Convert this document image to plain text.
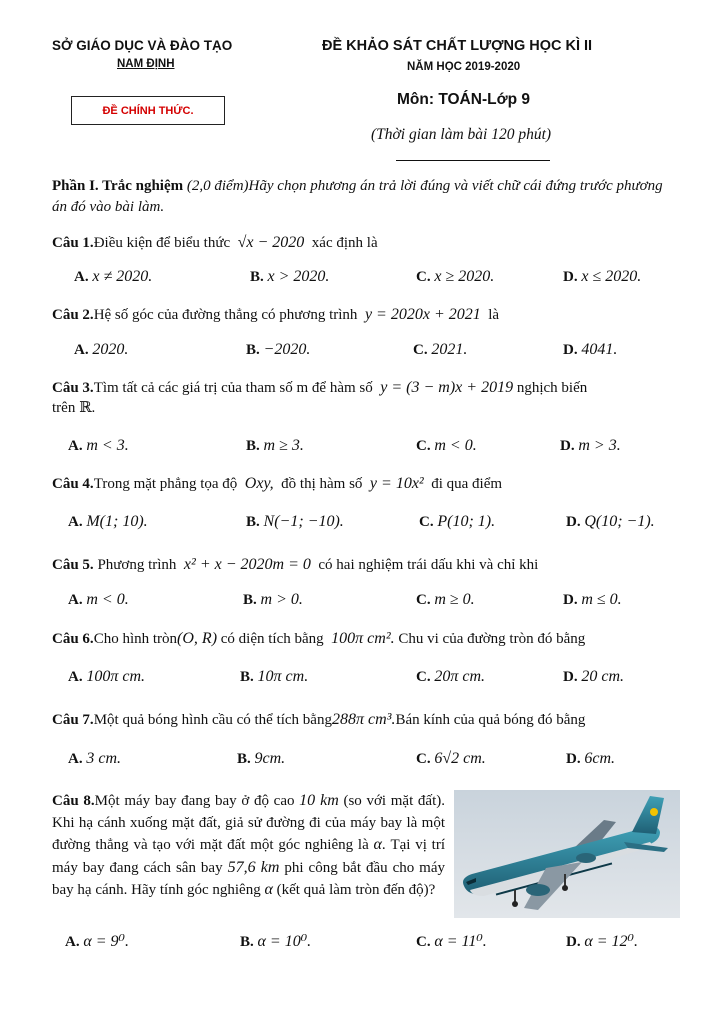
SỞ GIÁO DỤC VÀ ĐÀO TẠO
NAM ĐỊNH
ĐỀ KHẢO SÁT CHẤT LƯỢNG HỌC KÌ II
NĂM HỌC 2019-2020
ĐỀ CHÍNH THỨC.
Môn: TOÁN-Lớp 9
(Thời gian làm bài 120 phút)
Phần I. Trắc nghiệm (2,0 điểm)Hãy chọn phương án trả lời đúng và viết chữ cái đứng trước phương án đó vào bài làm.
Câu 1.Điều kiện để biểu thức √x − 2020 xác định là
A. x ≠ 2020.	B. x > 2020.	C. x ≥ 2020.	D. x ≤ 2020.
Câu 2.Hệ số góc của đường thẳng có phương trình y = 2020x + 2021 là
A. 2020.	B. −2020.	C. 2021.	D. 4041.
Câu 3.Tìm tất cả các giá trị của tham số m để hàm số y = (3 − m)x + 2019 nghịch biến
trên ℝ.
A. m < 3.	B. m ≥ 3.	C. m < 0.	D. m > 3.
Câu 4.Trong mặt phẳng tọa độ Oxy, đồ thị hàm số y = 10x² đi qua điểm
A. M(1; 10).	B. N(−1; −10).	C. P(10; 1).	D. Q(10; −1).
Câu 5. Phương trình x² + x − 2020m = 0 có hai nghiệm trái dấu khi và chỉ khi
A. m < 0.	B. m > 0.	C. m ≥ 0.	D. m ≤ 0.
Câu 6.Cho hình tròn(O, R) có diện tích bằng 100π cm². Chu vi của đường tròn đó bằng
A. 100π cm.	B. 10π cm.	C. 20π cm.	D. 20 cm.
Câu 7.Một quả bóng hình cầu có thể tích bằng288π cm³.Bán kính của quả bóng đó bằng
A. 3 cm.	B. 9cm.	C. 6√2 cm.	D. 6cm.
Câu 8.Một máy bay đang bay ở độ cao 10 km (so với mặt đất). Khi hạ cánh xuống mặt đất, giả sử đường đi của máy bay là một đường thẳng và tạo với mặt đất một góc nghiêng là α. Tại vị trí máy bay đang cách sân bay 57,6 km phi công bắt đầu cho máy bay hạ cánh. Hãy tính góc nghiêng α (kết quả làm tròn đến độ)?
A. α = 9⁰.	B. α = 10⁰.	C. α = 11⁰.	D. α = 12⁰.
